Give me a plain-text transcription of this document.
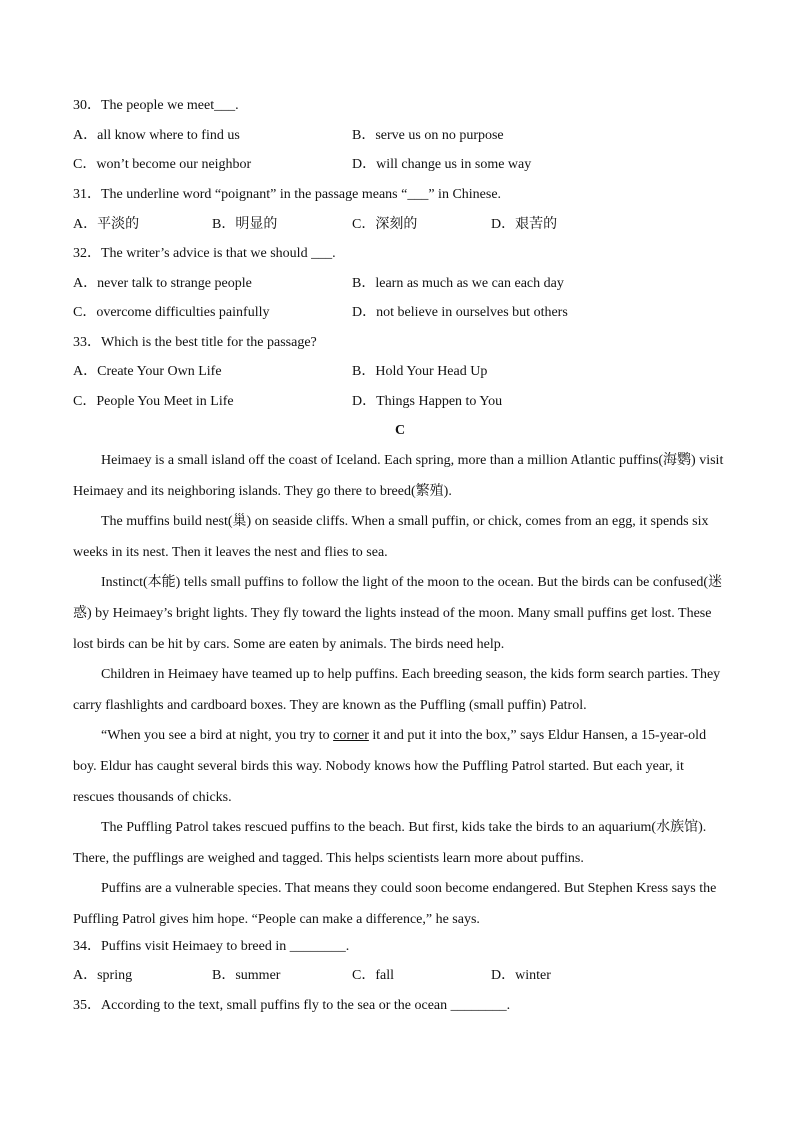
30．The people we meet___.
A．all know where to find us	B．serve us on no purpose
C．won’t become our neighbor	D．will change us in some way
31．The underline word “poignant” in the passage means “___” in Chinese.
A．平淡的	B．明显的	C．深刻的	D．艰苦的
32．The writer’s advice is that we should ___.
A．never talk to strange people	B．learn as much as we can each day
C．overcome difficulties painfully	D．not believe in ourselves but others
33．Which is the best title for the passage?
A．Create Your Own Life	B．Hold Your Head Up
C．People You Meet in Life	D．Things Happen to You
C

Heimaey is a small island off the coast of Iceland. Each spring, more than a million Atlantic puffins(海鹦) visit Heimaey and its neighboring islands. They go there to breed(繁殖).

The muffins build nest(巢) on seaside cliffs. When a small puffin, or chick, comes from an egg, it spends six weeks in its nest. Then it leaves the nest and flies to sea.

Instinct(本能) tells small puffins to follow the light of the moon to the ocean. But the birds can be confused(迷惑) by Heimaey’s bright lights. They fly toward the lights instead of the moon. Many small puffins get lost. These lost birds can be hit by cars. Some are eaten by animals. The birds need help.

Children in Heimaey have teamed up to help puffins. Each breeding season, the kids form search parties. They carry flashlights and cardboard boxes. They are known as the Puffling (small puffin) Patrol.

“When you see a bird at night, you try to corner it and put it into the box,” says Eldur Hansen, a 15-year-old boy. Eldur has caught several birds this way. Nobody knows how the Puffling Patrol started. But each year, it rescues thousands of chicks.

The Puffling Patrol takes rescued puffins to the beach. But first, kids take the birds to an aquarium(水族馆). There, the pufflings are weighed and tagged. This helps scientists learn more about puffins.

Puffins are a vulnerable species. That means they could soon become endangered. But Stephen Kress says the Puffling Patrol gives him hope. “People can make a difference,” he says.

34．Puffins visit Heimaey to breed in ________.
A．spring	B．summer	C．fall	D．winter
35．According to the text, small puffins fly to the sea or the ocean ________.
